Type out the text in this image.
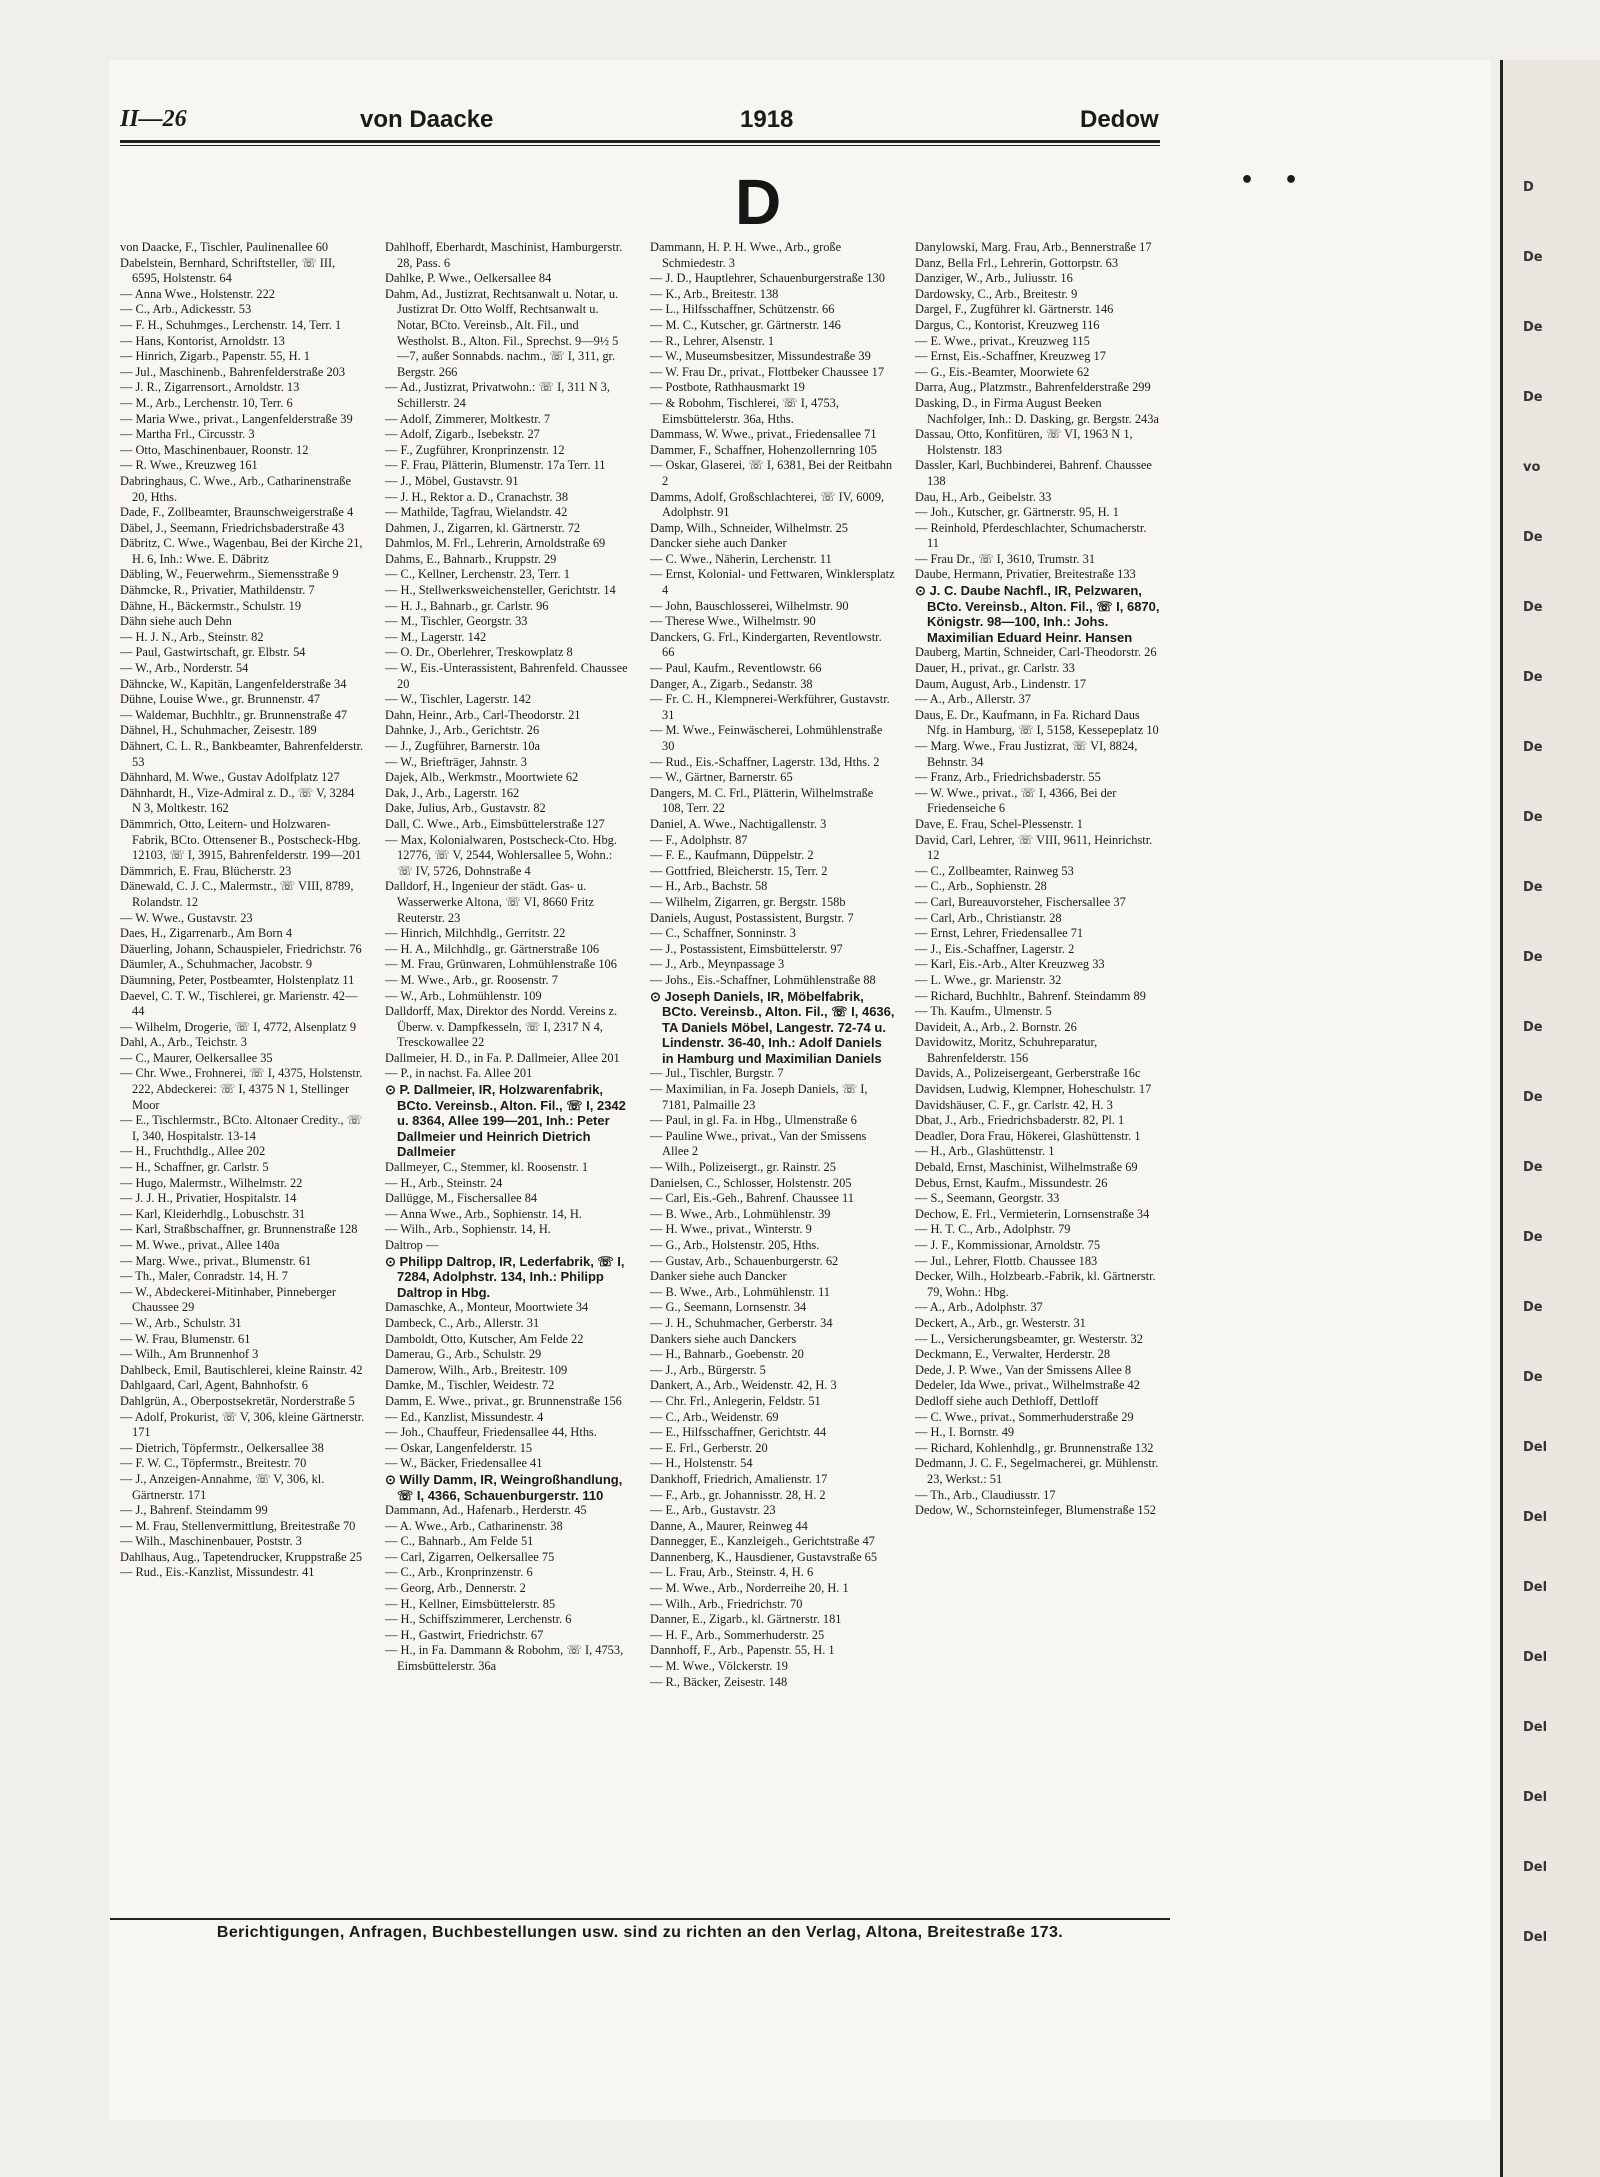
D
De
De
De
vo
De
De
De
De
De
De
De
De
De
De
De
De
De
Del
Del
Del
Del
Del
Del
Del
Del
II—26	von Daacke	1918	Dedow
D	••

von Daacke, F., Tischler, Paulinenallee 60

Dabelstein, Bernhard, Schriftsteller, ☏ III, 6595, Holstenstr. 64

— Anna Wwe., Holstenstr. 222

— C., Arb., Adickesstr. 53

— F. H., Schuhmges., Lerchenstr. 14, Terr. 1

— Hans, Kontorist, Arnoldstr. 13

— Hinrich, Zigarb., Papenstr. 55, H. 1

— Jul., Maschinenb., Bahrenfelderstraße 203

— J. R., Zigarrensort., Arnoldstr. 13

— M., Arb., Lerchenstr. 10, Terr. 6

— Maria Wwe., privat., Langenfelderstraße 39

— Martha Frl., Circusstr. 3

— Otto, Maschinenbauer, Roonstr. 12

— R. Wwe., Kreuzweg 161

Dabringhaus, C. Wwe., Arb., Catharinenstraße 20, Hths.

Dade, F., Zollbeamter, Braunschweigerstraße 4

Däbel, J., Seemann, Friedrichsbaderstraße 43

Däbritz, C. Wwe., Wagenbau, Bei der Kirche 21, H. 6, Inh.: Wwe. E. Däbritz

Däbling, W., Feuerwehrm., Siemensstraße 9

Dähmcke, R., Privatier, Mathildenstr. 7

Dähne, H., Bäckermstr., Schulstr. 19

Dähn siehe auch Dehn

— H. J. N., Arb., Steinstr. 82

— Paul, Gastwirtschaft, gr. Elbstr. 54

— W., Arb., Norderstr. 54

Dähncke, W., Kapitän, Langenfelderstraße 34

Dühne, Louise Wwe., gr. Brunnenstr. 47

— Waldemar, Buchhltr., gr. Brunnenstraße 47

Dähnel, H., Schuhmacher, Zeisestr. 189

Dähnert, C. L. R., Bankbeamter, Bahrenfelderstr. 53

Dähnhard, M. Wwe., Gustav Adolfplatz 127

Dähnhardt, H., Vize-Admiral z. D., ☏ V, 3284 N 3, Moltkestr. 162

Dämmrich, Otto, Leitern- und Holzwaren-Fabrik, BCto. Ottensener B., Postscheck-Hbg. 12103, ☏ I, 3915, Bahrenfelderstr. 199—201

Dämmrich, E. Frau, Blücherstr. 23

Dänewald, C. J. C., Malermstr., ☏ VIII, 8789, Rolandstr. 12

— W. Wwe., Gustavstr. 23

Daes, H., Zigarrenarb., Am Born 4

Däuerling, Johann, Schauspieler, Friedrichstr. 76

Däumler, A., Schuhmacher, Jacobstr. 9

Däumning, Peter, Postbeamter, Holstenplatz 11

Daevel, C. T. W., Tischlerei, gr. Marienstr. 42—44

— Wilhelm, Drogerie, ☏ I, 4772, Alsenplatz 9

Dahl, A., Arb., Teichstr. 3

— C., Maurer, Oelkersallee 35

— Chr. Wwe., Frohnerei, ☏ I, 4375, Holstenstr. 222, Abdeckerei: ☏ I, 4375 N 1, Stellinger Moor

— E., Tischlermstr., BCto. Altonaer Credity., ☏ I, 340, Hospitalstr. 13-14

— H., Fruchthdlg., Allee 202

— H., Schaffner, gr. Carlstr. 5

— Hugo, Malermstr., Wilhelmstr. 22

— J. J. H., Privatier, Hospitalstr. 14

— Karl, Kleiderhdlg., Lobuschstr. 31

— Karl, Straßbschaffner, gr. Brunnenstraße 128

— M. Wwe., privat., Allee 140a

— Marg. Wwe., privat., Blumenstr. 61

— Th., Maler, Conradstr. 14, H. 7

— W., Abdeckerei-Mitinhaber, Pinneberger Chaussee 29

— W., Arb., Schulstr. 31

— W. Frau, Blumenstr. 61

— Wilh., Am Brunnenhof 3

Dahlbeck, Emil, Bautischlerei, kleine Rainstr. 42

Dahlgaard, Carl, Agent, Bahnhofstr. 6

Dahlgrün, A., Oberpostsekretär, Norderstraße 5

— Adolf, Prokurist, ☏ V, 306, kleine Gärtnerstr. 171

— Dietrich, Töpfermstr., Oelkersallee 38

— F. W. C., Töpfermstr., Breitestr. 70

— J., Anzeigen-Annahme, ☏ V, 306, kl. Gärtnerstr. 171

— J., Bahrenf. Steindamm 99

— M. Frau, Stellenvermittlung, Breitestraße 70

— Wilh., Maschinenbauer, Poststr. 3

Dahlhaus, Aug., Tapetendrucker, Kruppstraße 25

— Rud., Eis.-Kanzlist, Missundestr. 41

Dahlhoff, Eberhardt, Maschinist, Hamburgerstr. 28, Pass. 6

Dahlke, P. Wwe., Oelkersallee 84

Dahm, Ad., Justizrat, Rechtsanwalt u. Notar, u. Justizrat Dr. Otto Wolff, Rechtsanwalt u. Notar, BCto. Vereinsb., Alt. Fil., und Westholst. B., Alton. Fil., Sprechst. 9—9½ 5—7, außer Sonnabds. nachm., ☏ I, 311, gr. Bergstr. 266

— Ad., Justizrat, Privatwohn.: ☏ I, 311 N 3, Schillerstr. 24

— Adolf, Zimmerer, Moltkestr. 7

— Adolf, Zigarb., Isebekstr. 27

— F., Zugführer, Kronprinzenstr. 12

— F. Frau, Plätterin, Blumenstr. 17a Terr. 11

— J., Möbel, Gustavstr. 91

— J. H., Rektor a. D., Cranachstr. 38

— Mathilde, Tagfrau, Wielandstr. 42

Dahmen, J., Zigarren, kl. Gärtnerstr. 72

Dahmlos, M. Frl., Lehrerin, Arnoldstraße 69

Dahms, E., Bahnarb., Kruppstr. 29

— C., Kellner, Lerchenstr. 23, Terr. 1

— H., Stellwerksweichensteller, Gerichtstr. 14

— H. J., Bahnarb., gr. Carlstr. 96

— M., Tischler, Georgstr. 33

— M., Lagerstr. 142

— O. Dr., Oberlehrer, Treskowplatz 8

— W., Eis.-Unterassistent, Bahrenfeld. Chaussee 20

— W., Tischler, Lagerstr. 142

Dahn, Heinr., Arb., Carl-Theodorstr. 21

Dahnke, J., Arb., Gerichtstr. 26

— J., Zugführer, Barnerstr. 10a

— W., Briefträger, Jahnstr. 3

Dajek, Alb., Werkmstr., Moortwiete 62

Dak, J., Arb., Lagerstr. 162

Dake, Julius, Arb., Gustavstr. 82

Dall, C. Wwe., Arb., Eimsbüttelerstraße 127

— Max, Kolonialwaren, Postscheck-Cto. Hbg. 12776, ☏ V, 2544, Wohlersallee 5, Wohn.: ☏ IV, 5726, Dohnstraße 4

Dalldorf, H., Ingenieur der städt. Gas- u. Wasserwerke Altona, ☏ VI, 8660 Fritz Reuterstr. 23

— Hinrich, Milchhdlg., Gerritstr. 22

— H. A., Milchhdlg., gr. Gärtnerstraße 106

— M. Frau, Grünwaren, Lohmühlenstraße 106

— M. Wwe., Arb., gr. Roosenstr. 7

— W., Arb., Lohmühlenstr. 109

Dalldorff, Max, Direktor des Nordd. Vereins z. Überw. v. Dampfkesseln, ☏ I, 2317 N 4, Tresckowallee 22

Dallmeier, H. D., in Fa. P. Dallmeier, Allee 201

— P., in nachst. Fa. Allee 201

⊙ P. Dallmeier, IR, Holzwarenfabrik, BCto. Vereinsb., Alton. Fil., ☏ I, 2342 u. 8364, Allee 199—201, Inh.: Peter Dallmeier und Heinrich Dietrich Dallmeier

Dallmeyer, C., Stemmer, kl. Roosenstr. 1

— H., Arb., Steinstr. 24

Dallügge, M., Fischersallee 84

— Anna Wwe., Arb., Sophienstr. 14, H.

— Wilh., Arb., Sophienstr. 14, H.

Daltrop —

⊙ Philipp Daltrop, IR, Lederfabrik, ☏ I, 7284, Adolphstr. 134, Inh.: Philipp Daltrop in Hbg.

Damaschke, A., Monteur, Moortwiete 34

Dambeck, C., Arb., Allerstr. 31

Damboldt, Otto, Kutscher, Am Felde 22

Damerau, G., Arb., Schulstr. 29

Damerow, Wilh., Arb., Breitestr. 109

Damke, M., Tischler, Weidestr. 72

Damm, E. Wwe., privat., gr. Brunnenstraße 156

— Ed., Kanzlist, Missundestr. 4

— Joh., Chauffeur, Friedensallee 44, Hths.

— Oskar, Langenfelderstr. 15

— W., Bäcker, Friedensallee 41

⊙ Willy Damm, IR, Weingroßhandlung, ☏ I, 4366, Schauenburgerstr. 110

Dammann, Ad., Hafenarb., Herderstr. 45

— A. Wwe., Arb., Catharinenstr. 38

— C., Bahnarb., Am Felde 51

— Carl, Zigarren, Oelkersallee 75

— C., Arb., Kronprinzenstr. 6

— Georg, Arb., Dennerstr. 2

— H., Kellner, Eimsbüttelerstr. 85

— H., Schiffszimmerer, Lerchenstr. 6

— H., Gastwirt, Friedrichstr. 67

— H., in Fa. Dammann & Robohm, ☏ I, 4753, Eimsbüttelerstr. 36a

Dammann, H. P. H. Wwe., Arb., große Schmiedestr. 3

— J. D., Hauptlehrer, Schauenburgerstraße 130

— K., Arb., Breitestr. 138

— L., Hilfsschaffner, Schützenstr. 66

— M. C., Kutscher, gr. Gärtnerstr. 146

— R., Lehrer, Alsenstr. 1

— W., Museumsbesitzer, Missundestraße 39

— W. Frau Dr., privat., Flottbeker Chaussee 17

— Postbote, Rathhausmarkt 19

— & Robohm, Tischlerei, ☏ I, 4753, Eimsbüttelerstr. 36a, Hths.

Dammass, W. Wwe., privat., Friedensallee 71

Dammer, F., Schaffner, Hohenzollernring 105

— Oskar, Glaserei, ☏ I, 6381, Bei der Reitbahn 2

Damms, Adolf, Großschlachterei, ☏ IV, 6009, Adolphstr. 91

Damp, Wilh., Schneider, Wilhelmstr. 25

Dancker siehe auch Danker

— C. Wwe., Näherin, Lerchenstr. 11

— Ernst, Kolonial- und Fettwaren, Winklersplatz 4

— John, Bauschlosserei, Wilhelmstr. 90

— Therese Wwe., Wilhelmstr. 90

Danckers, G. Frl., Kindergarten, Reventlowstr. 66

— Paul, Kaufm., Reventlowstr. 66

Danger, A., Zigarb., Sedanstr. 38

— Fr. C. H., Klempnerei-Werkführer, Gustavstr. 31

— M. Wwe., Feinwäscherei, Lohmühlenstraße 30

— Rud., Eis.-Schaffner, Lagerstr. 13d, Hths. 2

— W., Gärtner, Barnerstr. 65

Dangers, M. C. Frl., Plätterin, Wilhelmstraße 108, Terr. 22

Daniel, A. Wwe., Nachtigallenstr. 3

— F., Adolphstr. 87

— F. E., Kaufmann, Düppelstr. 2

— Gottfried, Bleicherstr. 15, Terr. 2

— H., Arb., Bachstr. 58

— Wilhelm, Zigarren, gr. Bergstr. 158b

Daniels, August, Postassistent, Burgstr. 7

— C., Schaffner, Sonninstr. 3

— J., Postassistent, Eimsbüttelerstr. 97

— J., Arb., Meynpassage 3

— Johs., Eis.-Schaffner, Lohmühlenstraße 88

⊙ Joseph Daniels, IR, Möbelfabrik, BCto. Vereinsb., Alton. Fil., ☏ I, 4636, TA Daniels Möbel, Langestr. 72-74 u. Lindenstr. 36-40, Inh.: Adolf Daniels in Hamburg und Maximilian Daniels

— Jul., Tischler, Burgstr. 7

— Maximilian, in Fa. Joseph Daniels, ☏ I, 7181, Palmaille 23

— Paul, in gl. Fa. in Hbg., Ulmenstraße 6

— Pauline Wwe., privat., Van der Smissens Allee 2

— Wilh., Polizeisergt., gr. Rainstr. 25

Danielsen, C., Schlosser, Holstenstr. 205

— Carl, Eis.-Geh., Bahrenf. Chaussee 11

— B. Wwe., Arb., Lohmühlenstr. 39

— H. Wwe., privat., Winterstr. 9

— G., Arb., Holstenstr. 205, Hths.

— Gustav, Arb., Schauenburgerstr. 62

Danker siehe auch Dancker

— B. Wwe., Arb., Lohmühlenstr. 11

— G., Seemann, Lornsenstr. 34

— J. H., Schuhmacher, Gerberstr. 34

Dankers siehe auch Danckers

— H., Bahnarb., Goebenstr. 20

— J., Arb., Bürgerstr. 5

Dankert, A., Arb., Weidenstr. 42, H. 3

— Chr. Frl., Anlegerin, Feldstr. 51

— C., Arb., Weidenstr. 69

— E., Hilfsschaffner, Gerichtstr. 44

— E. Frl., Gerberstr. 20

— H., Holstenstr. 54

Dankhoff, Friedrich, Amalienstr. 17

— F., Arb., gr. Johannisstr. 28, H. 2

— E., Arb., Gustavstr. 23

Danne, A., Maurer, Reinweg 44

Dannegger, E., Kanzleigeh., Gerichtstraße 47

Dannenberg, K., Hausdiener, Gustavstraße 65

— L. Frau, Arb., Steinstr. 4, H. 6

— M. Wwe., Arb., Norderreihe 20, H. 1

— Wilh., Arb., Friedrichstr. 70

Danner, E., Zigarb., kl. Gärtnerstr. 181

— H. F., Arb., Sommerhuderstr. 25

Dannhoff, F., Arb., Papenstr. 55, H. 1

— M. Wwe., Völckerstr. 19

— R., Bäcker, Zeisestr. 148

Danylowski, Marg. Frau, Arb., Bennerstraße 17

Danz, Bella Frl., Lehrerin, Gottorpstr. 63

Danziger, W., Arb., Juliusstr. 16

Dardowsky, C., Arb., Breitestr. 9

Dargel, F., Zugführer kl. Gärtnerstr. 146

Dargus, C., Kontorist, Kreuzweg 116

— E. Wwe., privat., Kreuzweg 115

— Ernst, Eis.-Schaffner, Kreuzweg 17

— G., Eis.-Beamter, Moorwiete 62

Darra, Aug., Platzmstr., Bahrenfelderstraße 299

Dasking, D., in Firma August Beeken Nachfolger, Inh.: D. Dasking, gr. Bergstr. 243a

Dassau, Otto, Konfitüren, ☏ VI, 1963 N 1, Holstenstr. 183

Dassler, Karl, Buchbinderei, Bahrenf. Chaussee 138

Dau, H., Arb., Geibelstr. 33

— Joh., Kutscher, gr. Gärtnerstr. 95, H. 1

— Reinhold, Pferdeschlachter, Schumacherstr. 11

— Frau Dr., ☏ I, 3610, Trumstr. 31

Daube, Hermann, Privatier, Breitestraße 133

⊙ J. C. Daube Nachfl., IR, Pelzwaren, BCto. Vereinsb., Alton. Fil., ☏ I, 6870, Königstr. 98—100, Inh.: Johs. Maximilian Eduard Heinr. Hansen

Dauberg, Martin, Schneider, Carl-Theodorstr. 26

Dauer, H., privat., gr. Carlstr. 33

Daum, August, Arb., Lindenstr. 17

— A., Arb., Allerstr. 37

Daus, E. Dr., Kaufmann, in Fa. Richard Daus Nfg. in Hamburg, ☏ I, 5158, Kessepeplatz 10

— Marg. Wwe., Frau Justizrat, ☏ VI, 8824, Behnstr. 34

— Franz, Arb., Friedrichsbaderstr. 55

— W. Wwe., privat., ☏ I, 4366, Bei der Friedenseiche 6

Dave, E. Frau, Schel-Plessenstr. 1

David, Carl, Lehrer, ☏ VIII, 9611, Heinrichstr. 12

— C., Zollbeamter, Rainweg 53

— C., Arb., Sophienstr. 28

— Carl, Bureauvorsteher, Fischersallee 37

— Carl, Arb., Christianstr. 28

— Ernst, Lehrer, Friedensallee 71

— J., Eis.-Schaffner, Lagerstr. 2

— Karl, Eis.-Arb., Alter Kreuzweg 33

— L. Wwe., gr. Marienstr. 32

— Richard, Buchhltr., Bahrenf. Steindamm 89

— Th. Kaufm., Ulmenstr. 5

Davideit, A., Arb., 2. Bornstr. 26

Davidowitz, Moritz, Schuhreparatur, Bahrenfelderstr. 156

Davids, A., Polizeisergeant, Gerberstraße 16c

Davidsen, Ludwig, Klempner, Hoheschulstr. 17

Davidshäuser, C. F., gr. Carlstr. 42, H. 3

Dbat, J., Arb., Friedrichsbaderstr. 82, Pl. 1

Deadler, Dora Frau, Hökerei, Glashüttenstr. 1

— H., Arb., Glashüttenstr. 1

Debald, Ernst, Maschinist, Wilhelmstraße 69

Debus, Ernst, Kaufm., Missundestr. 26

— S., Seemann, Georgstr. 33

Dechow, E. Frl., Vermieterin, Lornsenstraße 34

— H. T. C., Arb., Adolphstr. 79

— J. F., Kommissionar, Arnoldstr. 75

— Jul., Lehrer, Flottb. Chaussee 183

Decker, Wilh., Holzbearb.-Fabrik, kl. Gärtnerstr. 79, Wohn.: Hbg.

— A., Arb., Adolphstr. 37

Deckert, A., Arb., gr. Westerstr. 31

— L., Versicherungsbeamter, gr. Westerstr. 32

Deckmann, E., Verwalter, Herderstr. 28

Dede, J. P. Wwe., Van der Smissens Allee 8

Dedeler, Ida Wwe., privat., Wilhelmstraße 42

Dedloff siehe auch Dethloff, Dettloff

— C. Wwe., privat., Sommerhuderstraße 29

— H., I. Bornstr. 49

— Richard, Kohlenhdlg., gr. Brunnenstraße 132

Dedmann, J. C. F., Segelmacherei, gr. Mühlenstr. 23, Werkst.: 51

— Th., Arb., Claudiusstr. 17

Dedow, W., Schornsteinfeger, Blumenstraße 152

Berichtigungen, Anfragen, Buchbestellungen usw. sind zu richten an den Verlag, Altona, Breitestraße 173.
